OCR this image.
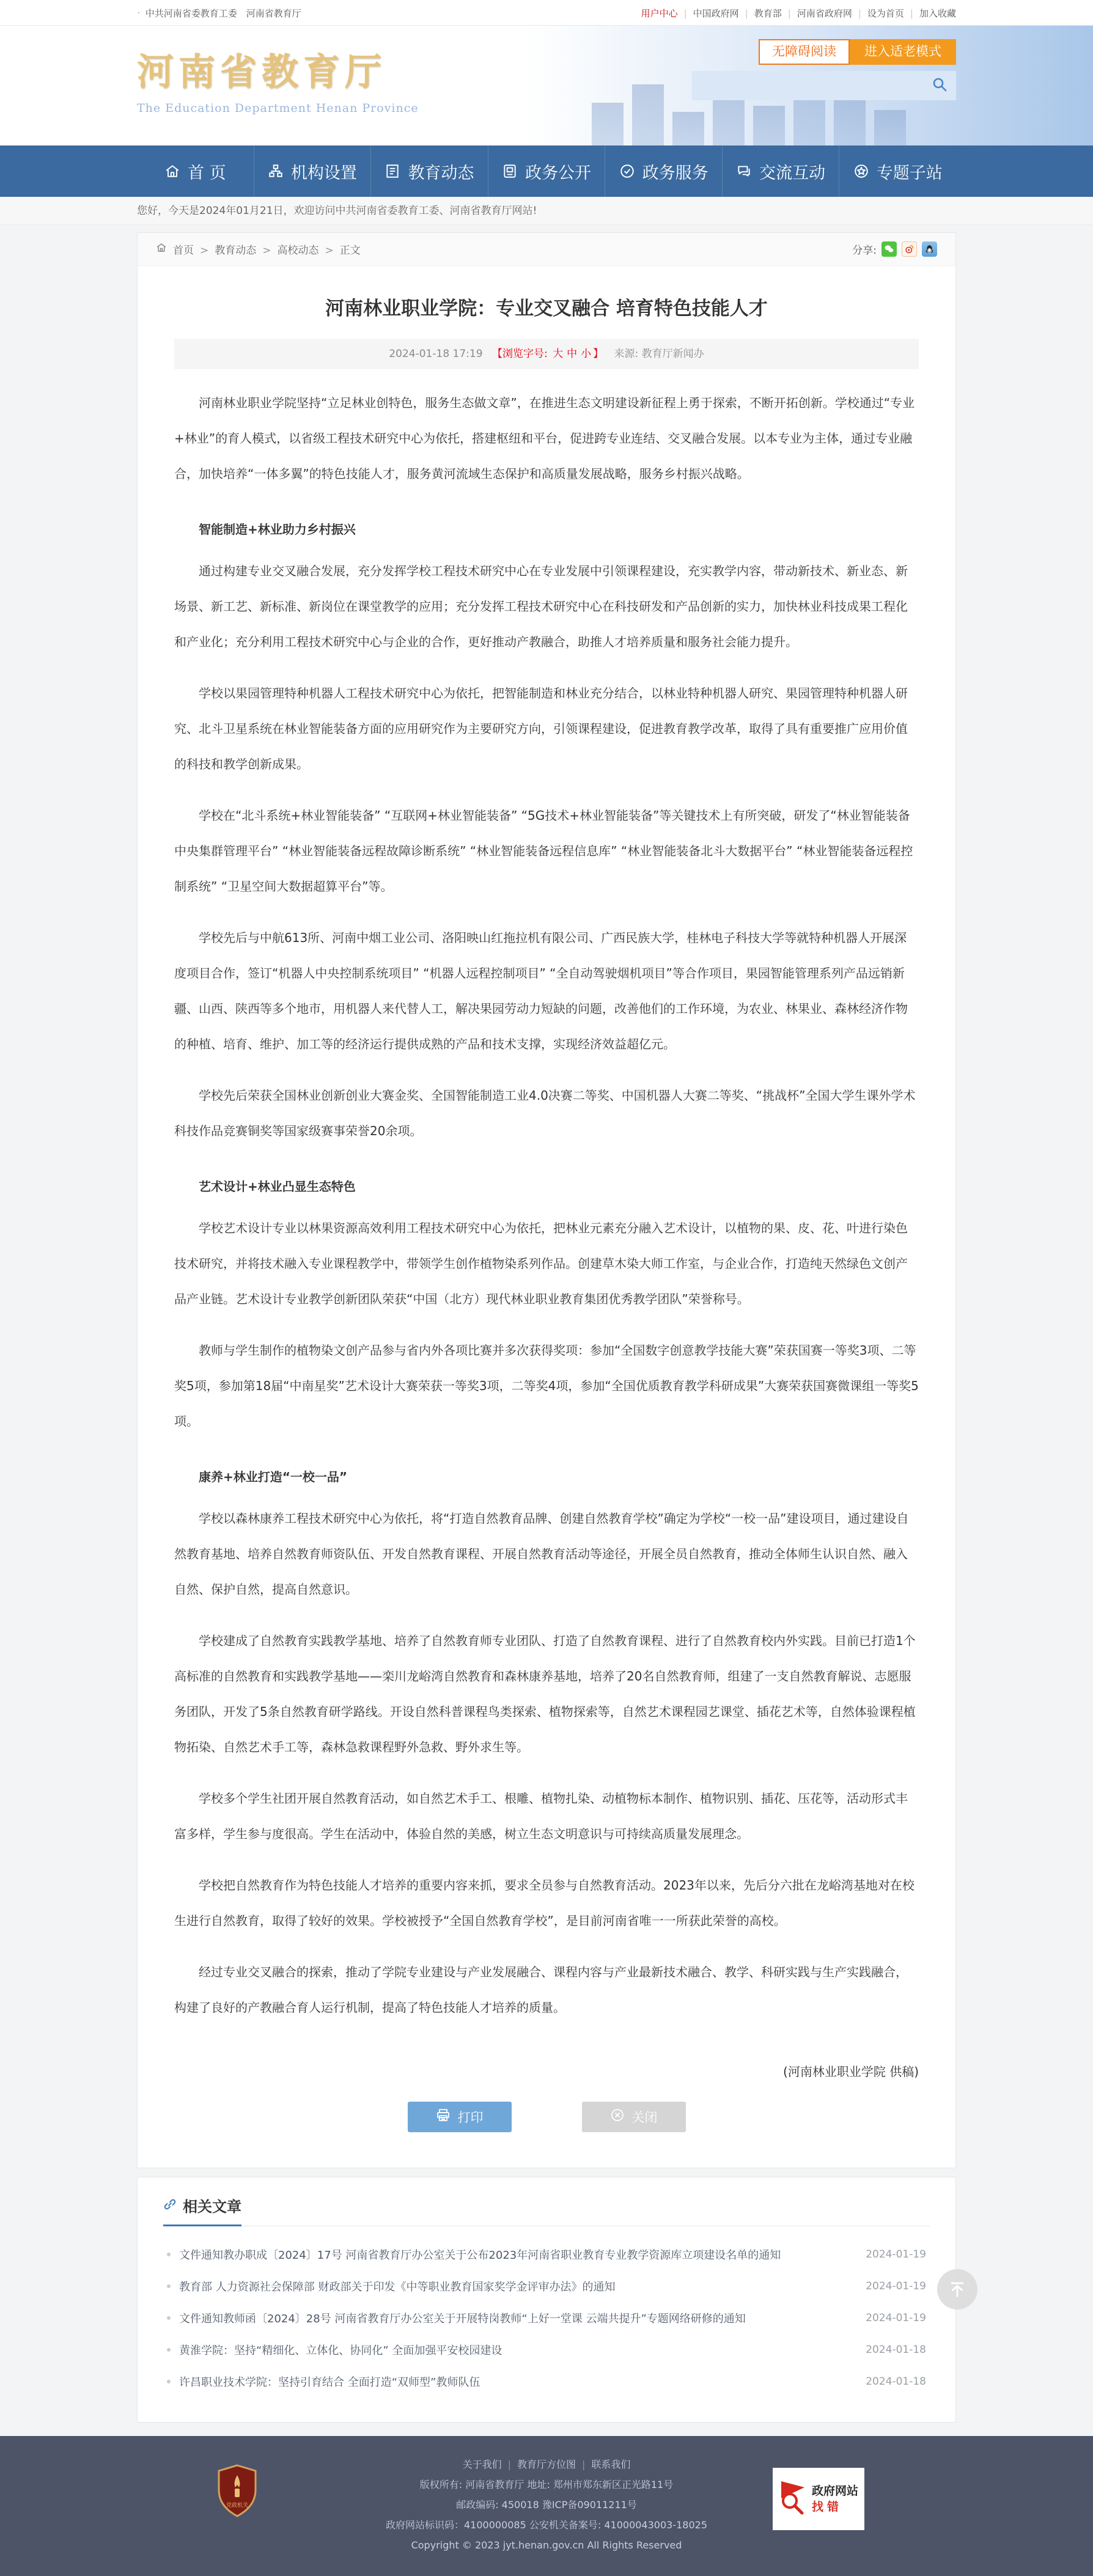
· 中共河南省委教育工委　河南省教育厅	用户中心	| 中国政府网	| 教育部	| 河南省政府网	| 设为首页	| 加入收藏
河南省教育厅
The Education Department Henan Province
无障碍阅读	进入适老模式
首 页	机构设置	教育动态	政务公开	政务服务	交流互动	专题子站
您好，今天是2024年01月21日，欢迎访问中共河南省委教育工委、河南省教育厅网站!
首页	> 教育动态	> 高校动态	> 正文	分享:
河南林业职业学院：专业交叉融合 培育特色技能人才
2024-01-18 17:19 【浏览字号: 大 中 小 】 来源: 教育厅新闻办
河南林业职业学院坚持“立足林业创特色，服务生态做文章”，在推进生态文明建设新征程上勇于探索，不断开拓创新。学校通过“专业+林业”的育人模式，以省级工程技术研究中心为依托，搭建枢纽和平台，促进跨专业连结、交叉融合发展。以本专业为主体，通过专业融合，加快培养“一体多翼”的特色技能人才，服务黄河流域生态保护和高质量发展战略，服务乡村振兴战略。
智能制造+林业助力乡村振兴
通过构建专业交叉融合发展，充分发挥学校工程技术研究中心在专业发展中引领课程建设，充实教学内容，带动新技术、新业态、新场景、新工艺、新标准、新岗位在课堂教学的应用；充分发挥工程技术研究中心在科技研发和产品创新的实力，加快林业科技成果工程化和产业化；充分利用工程技术研究中心与企业的合作，更好推动产教融合，助推人才培养质量和服务社会能力提升。
学校以果园管理特种机器人工程技术研究中心为依托，把智能制造和林业充分结合，以林业特种机器人研究、果园管理特种机器人研究、北斗卫星系统在林业智能装备方面的应用研究作为主要研究方向，引领课程建设，促进教育教学改革，取得了具有重要推广应用价值的科技和教学创新成果。
学校在“北斗系统+林业智能装备” “互联网+林业智能装备” “5G技术+林业智能装备”等关键技术上有所突破，研发了“林业智能装备中央集群管理平台” “林业智能装备远程故障诊断系统” “林业智能装备远程信息库” “林业智能装备北斗大数据平台” “林业智能装备远程控制系统” “卫星空间大数据超算平台”等。
学校先后与中航613所、河南中烟工业公司、洛阳映山红拖拉机有限公司、广西民族大学，桂林电子科技大学等就特种机器人开展深度项目合作，签订“机器人中央控制系统项目” “机器人远程控制项目” “全自动驾驶烟机项目”等合作项目，果园智能管理系列产品远销新疆、山西、陕西等多个地市，用机器人来代替人工，解决果园劳动力短缺的问题，改善他们的工作环境，为农业、林果业、森林经济作物的种植、培育、维护、加工等的经济运行提供成熟的产品和技术支撑，实现经济效益超亿元。
学校先后荣获全国林业创新创业大赛金奖、全国智能制造工业4.0决赛二等奖、中国机器人大赛二等奖、“挑战杯”全国大学生课外学术科技作品竞赛铜奖等国家级赛事荣誉20余项。
艺术设计+林业凸显生态特色
学校艺术设计专业以林果资源高效利用工程技术研究中心为依托，把林业元素充分融入艺术设计，以植物的果、皮、花、叶进行染色技术研究，并将技术融入专业课程教学中，带领学生创作植物染系列作品。创建草木染大师工作室，与企业合作，打造纯天然绿色文创产品产业链。艺术设计专业教学创新团队荣获“中国（北方）现代林业职业教育集团优秀教学团队”荣誉称号。
教师与学生制作的植物染文创产品参与省内外各项比赛并多次获得奖项：参加“全国数字创意教学技能大赛”荣获国赛一等奖3项、二等奖5项，参加第18届“中南星奖”艺术设计大赛荣获一等奖3项，二等奖4项，参加“全国优质教育教学科研成果”大赛荣获国赛微课组一等奖5项。
康养+林业打造“一校一品”
学校以森林康养工程技术研究中心为依托，将“打造自然教育品牌、创建自然教育学校”确定为学校“一校一品”建设项目，通过建设自然教育基地、培养自然教育师资队伍、开发自然教育课程、开展自然教育活动等途径，开展全员自然教育，推动全体师生认识自然、融入自然、保护自然，提高自然意识。
学校建成了自然教育实践教学基地、培养了自然教育师专业团队、打造了自然教育课程、进行了自然教育校内外实践。目前已打造1个高标准的自然教育和实践教学基地——栾川龙峪湾自然教育和森林康养基地，培养了20名自然教育师，组建了一支自然教育解说、志愿服务团队，开发了5条自然教育研学路线。开设自然科普课程鸟类探索、植物探索等，自然艺术课程园艺课堂、插花艺术等，自然体验课程植物拓染、自然艺术手工等，森林急救课程野外急救、野外求生等。
学校多个学生社团开展自然教育活动，如自然艺术手工、根雕、植物扎染、动植物标本制作、植物识别、插花、压花等，活动形式丰富多样，学生参与度很高。学生在活动中，体验自然的美感，树立生态文明意识与可持续高质量发展理念。
学校把自然教育作为特色技能人才培养的重要内容来抓，要求全员参与自然教育活动。2023年以来，先后分六批在龙峪湾基地对在校生进行自然教育，取得了较好的效果。学校被授予“全国自然教育学校”，是目前河南省唯一一所获此荣誉的高校。
经过专业交叉融合的探索，推动了学院专业建设与产业发展融合、课程内容与产业最新技术融合、教学、科研实践与生产实践融合，构建了良好的产教融合育人运行机制，提高了特色技能人才培养的质量。
(河南林业职业学院 供稿)
打印	关闭
相关文章
文件通知教办职成〔2024〕17号 河南省教育厅办公室关于公布2023年河南省职业教育专业教学资源库立项建设名单的通知	2024-01-19
教育部 人力资源社会保障部 财政部关于印发《中等职业教育国家奖学金评审办法》的通知	2024-01-19
文件通知教师函〔2024〕28号 河南省教育厅办公室关于开展特岗教师“上好一堂课 云端共提升”专题网络研修的通知	2024-01-19
黄淮学院：坚持“精细化、立体化、协同化” 全面加强平安校园建设	2024-01-18
许昌职业技术学院：坚持引育结合 全面打造“双师型”教师队伍	2024-01-18
党政机关
关于我们	| 教育厅方位图	| 联系我们
版权所有: 河南省教育厅 地址: 郑州市郑东新区正光路11号
邮政编码: 450018 豫ICP备09011211号
政府网站标识码：4100000085 公安机关备案号: 41000043003-18025
Copyright © 2023 jyt.henan.gov.cn All Rights Reserved
政府网站
找错
